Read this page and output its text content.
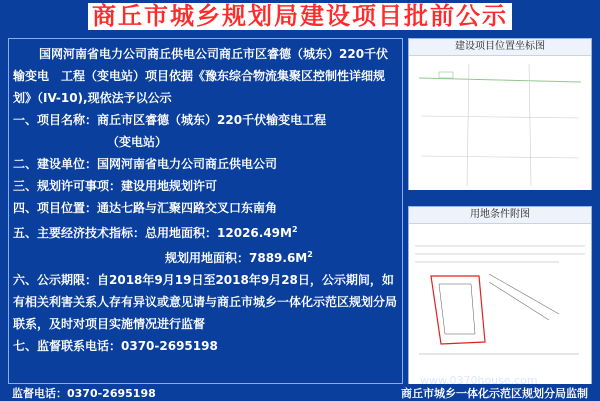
商丘市城乡规划局建设项目批前公示

国网河南省电力公司商丘供电公司商丘市区睿德（城东）220千伏输变电　工程（变电站）项目依据《豫东综合物流集聚区控制性详细规划》（IV-10),现依法予以公示

一、项目名称：商丘市区睿德（城东）220千伏输变电工程

（变电站）

二、建设单位：国网河南省电力公司商丘供电公司

三、规划许可事项：建设用地规划许可

四、项目位置：通达七路与汇聚四路交叉口东南角

五、主要经济技术指标：总用地面积：$12026.49M^2$

规划用地面积：$7889.6M^2$

六、公示期限：自2018年9月19日至2018年9月28日，公示期间，如有相关利害关系人存有异议或意见请与商丘市城乡一体化示范区规划分局联系，及时对项目实施情况进行监督

七、监督联系电话：0370-2695198

建设项目位置坐标图
用地条件附图
www.0370house.com
监督电话：0370-2695198	商丘市城乡一体化示范区规划分局监制
